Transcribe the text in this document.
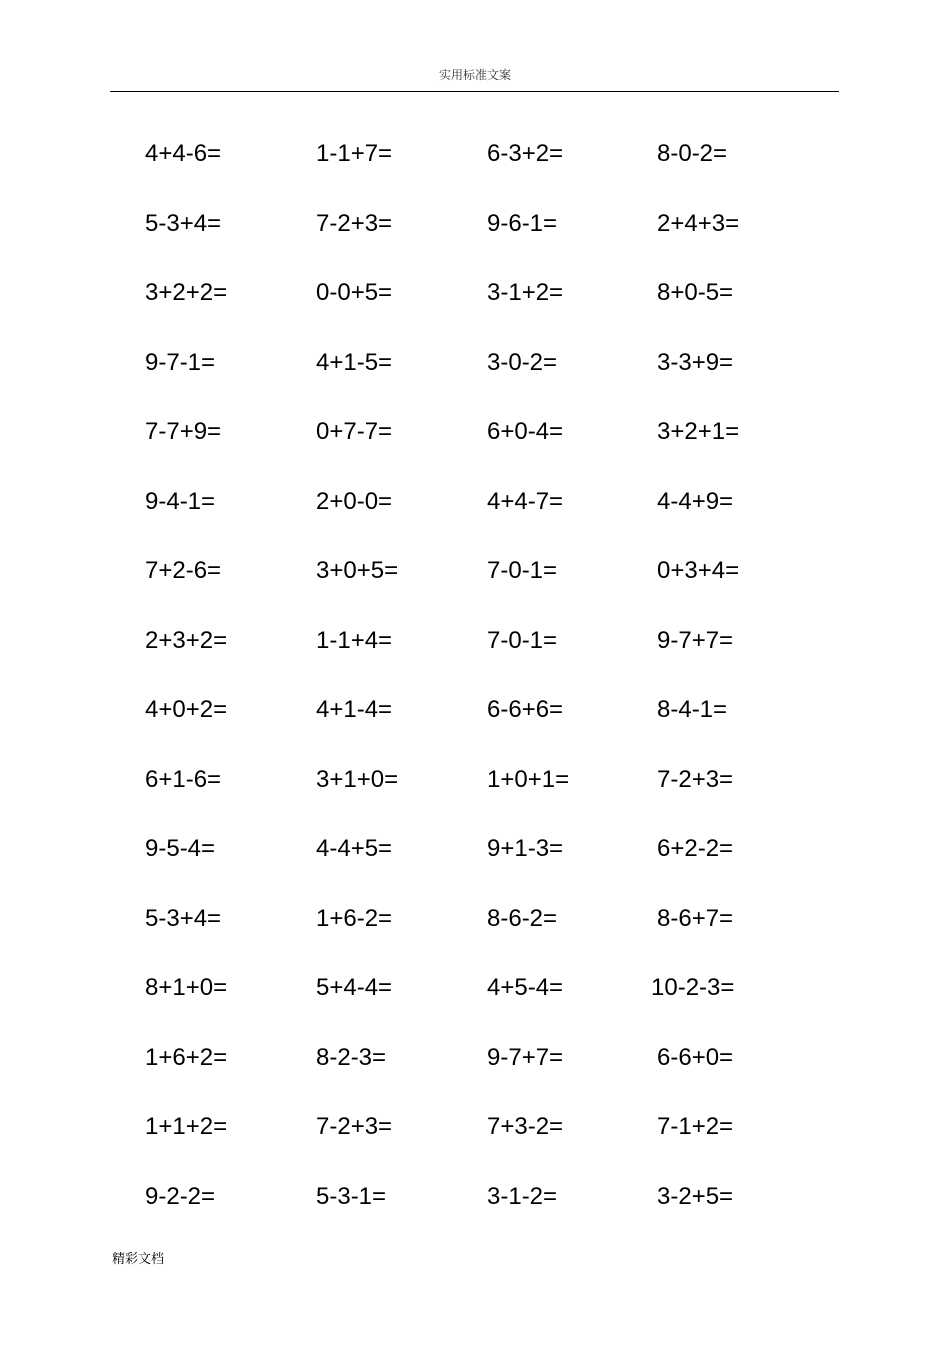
实用标准文案
4+4-6=	1-1+7=	6-3+2=	8-0-2=
5-3+4=	7-2+3=	9-6-1=	2+4+3=
3+2+2=	0-0+5=	3-1+2=	8+0-5=
9-7-1=	4+1-5=	3-0-2=	3-3+9=
7-7+9=	0+7-7=	6+0-4=	3+2+1=
9-4-1=	2+0-0=	4+4-7=	4-4+9=
7+2-6=	3+0+5=	7-0-1=	0+3+4=
2+3+2=	1-1+4=	7-0-1=	9-7+7=
4+0+2=	4+1-4=	6-6+6=	8-4-1=
6+1-6=	3+1+0=	1+0+1=	7-2+3=
9-5-4=	4-4+5=	9+1-3=	6+2-2=
5-3+4=	1+6-2=	8-6-2=	8-6+7=
8+1+0=	5+4-4=	4+5-4=	10-2-3=
1+6+2=	8-2-3=	9-7+7=	6-6+0=
1+1+2=	7-2+3=	7+3-2=	7-1+2=
9-2-2=	5-3-1=	3-1-2=	3-2+5=
精彩文档
